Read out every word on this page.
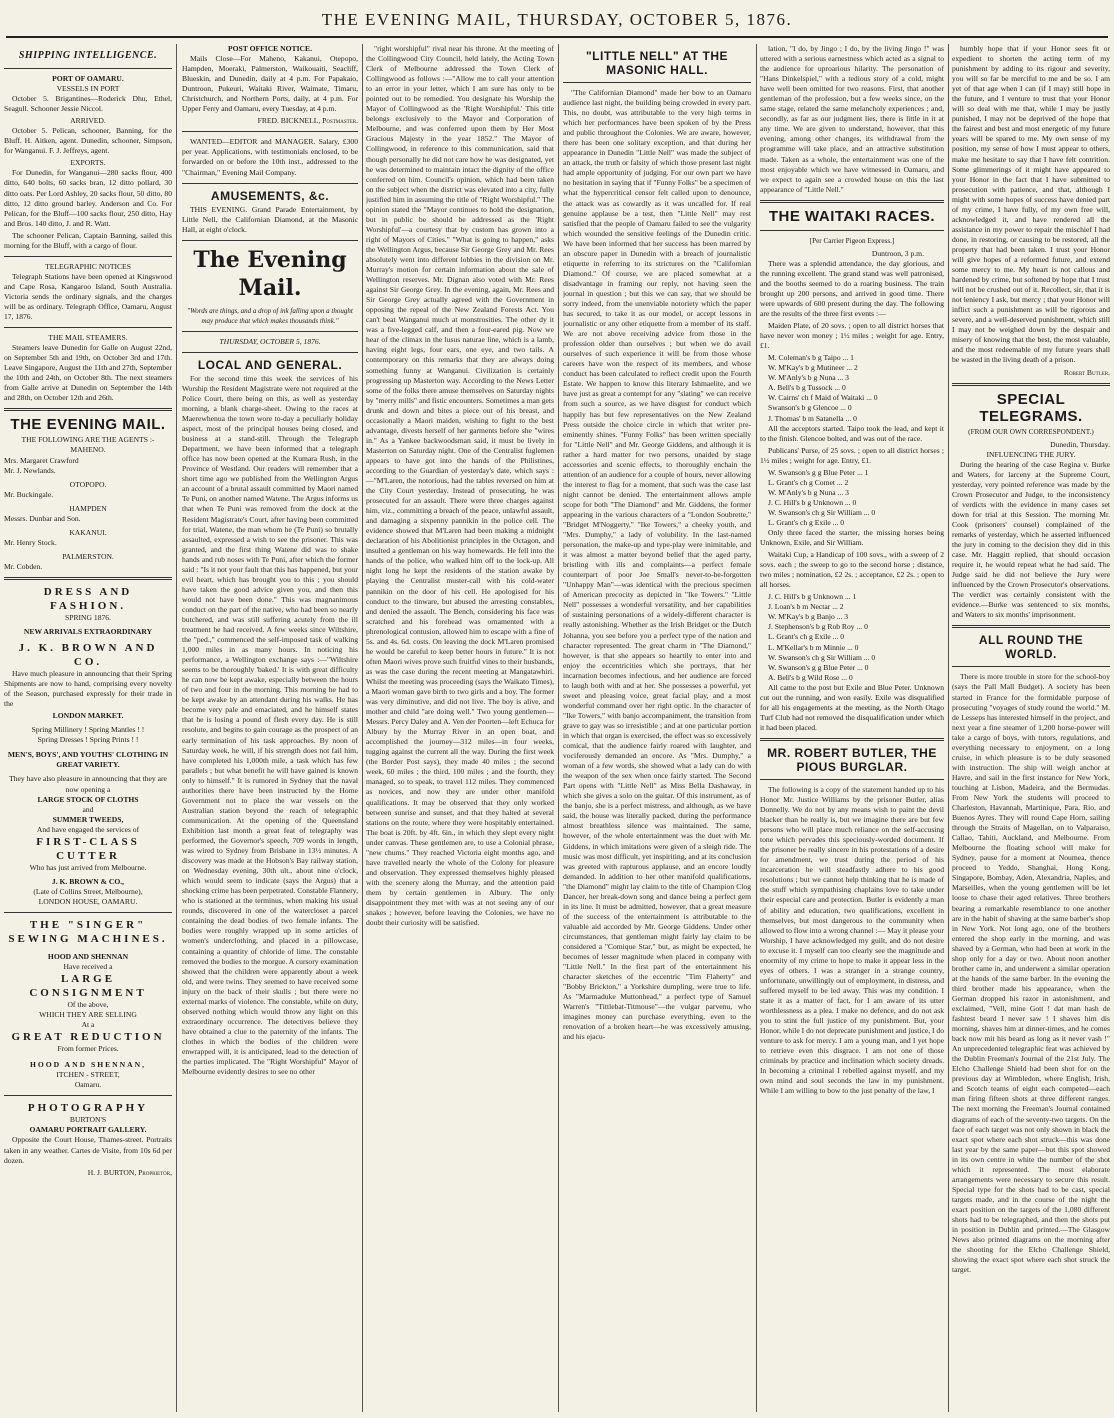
THE EVENING MAIL, THURSDAY, OCTOBER 5, 1876.
SHIPPING INTELLIGENCE.
PORT OF OAMARU.
VESSELS IN PORT

October 5. Brigantines—Roderick Dhu, Ethel, Seagull. Schooner Jessie Niccol.

ARRIVED.

October 5. Pelican, schooner, Banning, for the Bluff. H. Aitken, agent. Dunedin, schooner, Simpson, for Wanganui. F. J. Jeffreys, agent.

EXPORTS.

For Dunedin, for Wanganui—280 sacks flour, 400 ditto, 640 bolts, 60 sacks bran, 12 ditto pollard, 30 ditto oats. Per Lord Ashley, 20 sacks flour, 50 ditto, 80 ditto, 12 ditto ground barley. Anderson and Co. For Pelican, for the Bluff—100 sacks flour, 250 ditto, Hay and Bros. 140 ditto, J. and R. Watt.

The schooner Pelican, Captain Banning, sailed this morning for the Bluff, with a cargo of flour.

TELEGRAPHIC NOTICES

Telegraph Stations have been opened at Kingswood and Cape Rosa, Kangaroo Island, South Australia. Victoria sends the ordinary signals, and the charges will be as ordinary. Telegraph Office, Oamaru, August 17, 1876.

THE MAIL STEAMERS.

Steamers leave Dunedin for Galle on August 22nd, on September 5th and 19th, on October 3rd and 17th. Leave Singapore, August the 11th and 27th, September the 10th and 24th, on October 8th. The next steamers from Galle arrive at Dunedin on September the 14th and 28th, on October 12th and 26th.

THE EVENING MAIL.
THE FOLLOWING ARE THE AGENTS :-
MAHENO.
Mrs. Margaret Crawford
Mr. J. Newlands.
OTOPOPO.
Mr. Buckingale.
HAMPDEN
Messrs. Dunbar and Son.
KAKANUI.
Mr. Henry Stock.
PALMERSTON.
Mr. Cobden.
DRESS AND FASHION.
SPRING 1876.
NEW ARRIVALS EXTRAORDINARY
J. K. BROWN AND CO.

Have much pleasure in announcing that their Spring Shipments are now to hand, comprising every novelty of the Season, purchased expressly for their trade in the

LONDON MARKET.
Spring Millinery ! Spring Mantles ! !
Spring Dresses ! Spring Prints ! !
MEN'S, BOYS', AND YOUTHS' CLOTHING IN GREAT VARIETY.
They have also pleasure in announcing that they are now opening a
LARGE STOCK OF CLOTHS
and
SUMMER TWEEDS,
And have engaged the services of
FIRST-CLASS CUTTER
Who has just arrived from Melbourne.
J. K. BROWN & CO.,
(Late of Collins Street, Melbourne),
LONDON HOUSE, OAMARU.
THE "SINGER" SEWING MACHINES.
HOOD AND SHENNAN
Have received a
LARGE CONSIGNMENT
Of the above,
WHICH THEY ARE SELLING
At a
GREAT REDUCTION
From former Prices.
HOOD AND SHENNAN,
ITCHEN - STREET,
Oamaru.
PHOTOGRAPHY
BURTON'S
OAMARU PORTRAIT GALLERY.

Opposite the Court House, Thames-street. Portraits taken in any weather. Cartes de Visite, from 10s 6d per dozen.

H. J. BURTON, Proprietor,
POST OFFICE NOTICE.

Mails Close—For Maheno, Kakanui, Otepopo, Hampden, Moeraki, Palmerston, Waikouaiti, Seacliff, Blueskin, and Dunedin, daily at 4 p.m. For Papakaio, Duntroon, Pukeuri, Waitaki River, Waimate, Timaru, Christchurch, and Northern Ports, daily, at 4 p.m. For Upper Ferry and Oamaru, every Tuesday, at 4 p.m.

FRED. BICKNELL, Postmaster.

WANTED—EDITOR and MANAGER. Salary, £300 per year. Applications, with testimonials enclosed, to be forwarded on or before the 10th inst., addressed to the "Chairman," Evening Mail Company.

AMUSEMENTS, &c.

THIS EVENING. Grand Parade Entertainment, by Little Nell, the Californian Diamond, at the Masonic Hall, at eight o'clock.

The Evening Mail.
"Words are things, and a drop of ink falling upon a thought may produce that which makes thousands think."
THURSDAY, OCTOBER 5, 1876.
LOCAL AND GENERAL.

For the second time this week the services of his Worship the Resident Magistrate were not required at the Police Court, there being on this, as well as yesterday morning, a blank charge-sheet. Owing to the races at Maerewhenua the town wore to-day a peculiarly holiday aspect, most of the principal houses being closed, and business at a stand-still. Through the Telegraph Department, we have been informed that a telegraph office has now been opened at the Kumara Rush, in the Province of Westland. Our readers will remember that a short time ago we published from the Wellington Argus an account of a brutal assault committed by Maori named Te Puni, on another named Watene. The Argus informs us that when Te Puni was removed from the dock at the Resident Magistrate's Court, after having been committed for trial, Watene, the man whom he (Te Puni) so brutally assaulted, expressed a wish to see the prisoner. This was granted, and the first thing Watene did was to shake hands and rub noses with Te Puni, after which the former said : "Is it not your fault that this has happened, but your evil heart, which has brought you to this ; you should have taken the good advice given you, and then this would not have been done." This was magnanimous conduct on the part of the native, who had been so nearly butchered, and was still suffering acutely from the ill treatment he had received. A few weeks since Wiltshire, the "ped.," commenced the self-imposed task of walking 1,000 miles in as many hours. In noticing his performance, a Wellington exchange says :—"Wiltshire seems to be thoroughly 'baked.' It is with great difficulty he can now be kept awake, especially between the hours of two and four in the morning. This morning he had to be kept awake by an attendant during his walks. He has become very pale and emaciated, and he himself states that he is losing a pound of flesh every day. He is still resolute, and begins to gain courage as the prospect of an early termination of his task approaches. By noon of Saturday week, he will, if his strength does not fail him, have completed his 1,000th mile, a task which has few parallels ; but what benefit he will have gained is known only to himself." It is rumored in Sydney that the naval authorities there have been instructed by the Home Government not to place the war vessels on the Australian station beyond the reach of telegraphic communication. At the opening of the Queensland Exhibition last month a great feat of telegraphy was performed, the Governor's speech, 709 words in length, was wired to Sydney from Brisbane in 13½ minutes. A discovery was made at the Hobson's Bay railway station, on Wednesday evening, 30th ult., about nine o'clock, which would seem to indicate (says the Argus) that a shocking crime has been perpetrated. Constable Flannery, who is stationed at the terminus, when making his usual rounds, discovered in one of the watercloset a parcel containing the dead bodies of two female infants. The bodies were roughly wrapped up in some articles of women's underclothing, and placed in a pillowcase, containing a quantity of chloride of lime. The constable removed the bodies to the morgue. A cursory examination showed that the children were apparently about a week old, and were twins. They seemed to have received some injury on the back of their skulls ; but there were no external marks of violence. The constable, while on duty, observed nothing which would throw any light on this extraordinary occurrence. The detectives believe they have obtained a clue to the paternity of the infants. The clothes in which the bodies of the children were enwrapped will, it is anticipated, lead to the detection of the parties implicated. The "Right Worshipful" Mayor of Melbourne evidently desires to see no other

"right worshipful" rival near his throne. At the meeting of the Collingwood City Council, held lately, the Acting Town Clerk of Melbourne addressed the Town Clerk of Collingwood as follows :—"Allow me to call your attention to an error in your letter, which I am sure has only to be pointed out to be remedied. You designate his Worship the Mayor of Collingwood as the 'Right Worshipful.' This title belongs exclusively to the Mayor and Corporation of Melbourne, and was conferred upon them by Her Most Gracious Majesty in the year 1852." The Mayor of Collingwood, in reference to this communication, said that though personally he did not care how he was designated, yet he was determined to maintain intact the dignity of the office conferred on him. Council's opinion, which had been taken on the subject when the district was elevated into a city, fully justified him in assuming the title of "Right Worshipful." The opinion stated the "Mayor continues to hold the designation, but in public be should be addressed as the 'Right Worshipful'—a courtesy that by custom has grown into a right of Mayors of Cities." "What is going to happen," asks the Wellington Argus, because Sir George Grey and Mr. Rees absolutely went into different lobbies in the division on Mr. Murray's motion for certain information about the sale of Wellington reserves. Mr. Dignan also voted with Mr. Rees against Sir George Grey. In the evening, again, Mr. Rees and Sir George Grey actually agreed with the Government in opposing the repeal of the New Zealand Forests Act. You can't beat Wanganui much at monstrosities. The other dy it was a five-legged calf, and then a four-eared pig. Now we hear of the climax in the lusus naturae line, which is a lamb, having eight legs, four ears, one eye, and two tails. A contemporary on this remarks that they are always doing something funny at Wanganui. Civilization is certainly progressing up Masterton way. According to the News Letter some of the folks there amuse themselves on Saturday nights by "merry mills" and fistic encounters. Sometimes a man gets drunk and down and bites a piece out of his breast, and occasionally a Maori maiden, wishing to fight to the best advantage, divests herself of her garments before she "wires in." As a Yankee backwoodsman said, it must be lively in Masterton on Saturday night. One of the Centralist fuglemen appears to have got into the hands of the Philistines, according to the Guardian of yesterday's date, which says :—"M'Laren, the notorious, had the tables reversed on him at the City Court yesterday. Instead of prosecuting, he was prosecuted for an assault. There were three charges against him, viz., committing a breach of the peace, unlawful assault, and damaging a sixpenny pannikin in the police cell. The evidence showed that M'Laren had been making a midnight declaration of his Abolitionist principles in the Octagon, and insulted a gentleman on his way homewards. He fell into the hands of the police, who walked him off to the lock-up. All night long he kept the residents of the station awake by playing the Centralist muster-call with his cold-water pannikin on the door of his cell. He apologised for his conduct to the tinware, but abused the arresting constables, and denied the assault. The Bench, considering his face was scratched and his forehead was ornamented with a phrenological contusion, allowed him to escape with a fine of 5s. and 4s. 6d. costs. On leaving the dock M'Laren promised he would be careful to keep better hours in future." It is not often Maori wives prove such fruitful vines to their husbands, as was the case during the recent meeting at Mangatawhiri. Whilst the meeting was proceeding (says the Waikato Times), a Maori woman gave birth to two girls and a boy. The former was very diminutive, and did not live. The boy is alive, and mother and child "are doing well." Two young gentlemen—Messrs. Percy Daley and A. Ven der Poorten—left Echuca for Albury by the Murray River in an open boat, and accomplished the journey—312 miles—in four weeks, tugging against the current all the way. During the first week (the Border Post says), they made 40 miles ; the second week, 60 miles ; the third, 100 miles ; and the fourth, they managed, so to speak, to travel 112 miles. They commenced as novices, and now they are under other manifold qualifications. It may be observed that they only worked between sunrise and sunset, and that they halted at several stations on the route, where they were hospitably entertained. The boat is 20ft. by 4ft. 6in., in which they slept every night under canvas. These gentlemen are, to use a Colonial phrase, "new chums." They reached Victoria eight months ago, and have travelled nearly the whole of the Colony for pleasure and observation. They expressed themselves highly pleased with the scenery along the Murray, and the attention paid them by certain gentlemen in Albury. The only disappointment they met with was at not seeing any of our snakes ; however, before leaving the Colonies, we have no doubt their curiosity will be satisfied.

"LITTLE NELL" AT THE MASONIC HALL.

"The Californian Diamond" made her bow to an Oamaru audience last night, the building being crowded in every part. This, no doubt, was attributable to the very high terms in which her performances have been spoken of by the Press and public throughout the Colonies. We are aware, however, there has been one solitary exception, and that during her appearance in Dunedin "Little Nell" was made the subject of an attack, the truth or falsity of which those present last night had ample opportunity of judging. For our own part we have no hesitation in saying that if "Funny Folks" be a specimen of what the hypercritical censor felt called upon to denounce, the attack was as cowardly as it was uncalled for. If real genuine applause be a test, then "Little Nell" may rest satisfied that the people of Oamaru failed to see the vulgarity which wounded the sensitive feelings of the Dunedin critic. We have been informed that her success has been marred by an obscure paper in Dunedin with a breach of journalistic etiquette in referring to its strictures on the "Californian Diamond." Of course, we are placed somewhat at a disadvantage in framing our reply, not having seen the journal in question ; but this we can say, that we should be sorry indeed, from the unenviable notoriety which the paper has secured, to take it as our model, or accept lessons in journalistic or any other etiquette from a member of its staff. We are not above receiving advice from those in the profession older than ourselves ; but when we do avail ourselves of such experience it will be from those whose careers have won the respect of its members, and whose conduct has been calculated to reflect credit upon the Fourth Estate. We happen to know this literary Ishmaelite, and we have just as great a contempt for any "slating" we can receive from such a source, as we have disgust for conduct which happily has but few representatives on the New Zealand Press outside the choice circle in which that writer pre-eminently shines. "Funny Folks" has been written specially for "Little Nell" and Mr. George Giddens, and although it is rather a hard matter for two persons, unaided by stage accessories and scenic effects, to thoroughly enchain the attention of an audience for a couple of hours, never allowing the interest to flag for a moment, that such was the case last night cannot be denied. The entertainment allows ample scope for both "The Diamond" and Mr. Giddens, the former appearing in the various characters of a "London Soubrette," "Bridget M'Noggerty," "Ike Towers," a cheeky youth, and "Mrs. Dumphy," a lady of volubility. In the last-named personation, the make-up and type-play were inimitable, and it was almost a matter beyond belief that the aged party, bristling with ills and complaints—a perfect female counterpart of poor Joe Small's never-to-be-forgotten "Unhappy Man"—was identical with the precious specimen of American precocity as depicted in "Ike Towers." "Little Nell" possesses a wonderful versatility, and her capabilities of sustaining personations of a widely-different character is really astonishing. Whether as the Irish Bridget or the Dutch Johanna, you see before you a perfect type of the nation and character represented. The great charm in "The Diamond," however, is that she appears so heartily to enter into and enjoy the eccentricities which she portrays, that her incarnation becomes infectious, and her audience are forced to laugh both with and at her. She possesses a powerful, yet sweet and pleasing voice, great facial play, and a most wonderful command over her right optic. In the character of "Ike Towers," with banjo accompaniment, the transition from grave to gay was so irresistible ; and at one particular portion in which that organ is exercised, the effect was so excessively comical, that the audience fairly roared with laughter, and vociferously demanded an encore. As "Mrs. Dumphy," a woman of a few words, she showed what a lady can do with the weapon of the sex when once fairly started. The Second Part opens with "Little Nell" as Miss Bella Dashaway, in which she gives a solo on the guitar. Of this instrument, as of the banjo, she is a perfect mistress, and although, as we have said, the house was literally packed, during the performance almost breathless silence was maintained. The same, however, of the whole entertainment was the duet with Mr. Giddens, in which imitations were given of a sleigh ride. The music was most difficult, yet inspiriting, and at its conclusion was greeted with rapturous applause, and an encore loudly demanded. In addition to her other manifold qualifications, "the Diamond" might lay claim to the title of Champion Clog Dancer, her break-down song and dance being a perfect gem in its line. It must be admitted, however, that a great measure of the success of the entertainment is attributable to the valuable aid accorded by Mr. George Giddens. Under other circumstances, that gentleman might fairly lay claim to be considered a "Comique Star," but, as might be expected, he becomes of lesser magnitude when placed in company with "Little Nell." In the first part of the entertainment his character sketches of the eccentric "Tim Flaherty" and "Bobby Brickton," a Yorkshire dumpling, were true to life. As "Marmaduke Muttonhead," a perfect type of Samuel Warren's "Tittlebat-Titmouse"—the vulgar parvenu, who imagines money can purchase everything, even to the renovation of a broken heart—he was excessively amusing, and his ejacu-

lation, "I do, by Jingo ; I do, by the living Jingo !" was uttered with a serious earnestness which acted as a signal to the audience for uproarious hilarity. The personation of "Hans Dinkelspiel," with a tedious story of a cold, might have well been omitted for two reasons. First, that another gentleman of the profession, but a few weeks since, on the same stage, related the same melancholy experiences ; and, secondly, as far as our judgment lies, there is little in it at any time. We are given to understand, however, that this evening, among other changes, its withdrawal from the programme will take place, and an attractive substitution made. Taken as a whole, the entertainment was one of the most enjoyable which we have witnessed in Oamaru, and we expect to again see a crowded house on this the last appearance of "Little Nell."

THE WAITAKI RACES.
[Per Carrier Pigeon Express.]
Duntroon, 3 p.m.

There was a splendid attendance, the day glorious, and the running excellent. The grand stand was well patronised, and the booths seemed to do a roaring business. The train brought up 200 persons, and arrived in good time. There were upwards of 600 present during the day. The following are the results of the three first events :—

Maiden Plate, of 20 sovs. ; open to all district horses that have never won money ; 1½ miles ; weight for age. Entry, £1.

M. Coleman's b g Taipo ... 1
W. M'Kay's b g Mutineer ... 2
W. M'Anly's b g Nuna ... 3
A. Bell's b g Tussock ... 0
W. Cairns' ch f Maid of Waitaki ... 0
Swanson's b g Glencoe ... 0
J. Thomas' b m Satanella ... 0

All the acceptors started. Taipo took the lead, and kept it to the finish. Glencoe bolted, and was out of the race.

Publicans' Purse, of 25 sovs. ; open to all district horses ; 1½ miles ; weight for age. Entry, £1.

W. Swanson's g g Blue Peter ... 1
L. Grant's ch g Comet ... 2
W. M'Anly's b g Nuna ... 3
J. C. Hill's b g Unknown ... 0
W. Swanson's ch g Sir William ... 0
L. Grant's ch g Exile ... 0

Only three faced the starter, the missing horses being Unknown, Exile, and Sir William.

Waitaki Cup, a Handicap of 100 sovs., with a sweep of 2 sovs. each ; the sweep to go to the second horse ; distance, two miles ; nomination, £2 2s. ; acceptance, £2 2s. ; open to all horses.

J. C. Hill's b g Unknown ... 1
J. Loan's b m Nectar ... 2
W. M'Kay's b g Banjo ... 3
J. Stephenson's b g Rob Roy ... 0
L. Grant's ch g Exile ... 0
L. M'Kellar's b m Minnie ... 0
W. Swanson's ch g Sir William ... 0
W. Swanson's g g Blue Peter ... 0
A. Bell's b g Wild Rose ... 0

All came to the post but Exile and Blue Peter. Unknown cut out the running, and won easily. Exile was disqualified for all his engagements at the meeting, as the North Otago Turf Club had not removed the disqualification under which it had been placed.

MR. ROBERT BUTLER, THE PIOUS BURGLAR.

The following is a copy of the statement handed up to his Honor Mr. Justice Williams by the prisoner Butler, alias Donnelly. We do not by any means wish to paint the devil blacker than he really is, but we imagine there are but few persons who will place much reliance on the self-accusing tone which pervades this speciously-worded document. If the prisoner be really sincere in his protestations of a desire for amendment, we trust during the period of his incarceration he will steadfastly adhere to his good resolutions ; but we cannot help thinking that he is made of the stuff which sympathising chaplains love to take under their especial care and protection. Butler is evidently a man of ability and education, two qualifications, excellent in themselves, but most dangerous to the community when allowed to flow into a wrong channel :— May it please your Worship, I have acknowledged my guilt, and do not desire to excuse it. I myself can too clearly see the magnitude and enormity of my crime to hope to make it appear less in the eyes of others. I was a stranger in a strange country, unfortunate, unwillingly out of employment, in distress, and suffered myself to be led away. This was my condition. I state it as a matter of fact, for I am aware of its utter worthlessness as a plea. I make no defence, and do not ask you to stint the full justice of my punishment. But, your Honor, while I do not deprecate punishment and justice, I do venture to ask for mercy. I am a young man, and I yet hope to retrieve even this disgrace. I am not one of those criminals by practice and inclination which society dreads. In becoming a criminal I rebelled against myself, and my own mind and soul seconds the law in my punishment. While I am willing to bow to the just penalty of the law, I

humbly hope that if your Honor sees fit or expedient to shorten the acting term of my punishment by adding to its rigour and severity, you will so far be merciful to me and be so. I am yet of that age when I can (if I may) still hope in the future, and I venture to trust that your Honor will so deal with me that, while I may be justly punished, I may not be deprived of the hope that the fairest and best and most energetic of my future years will be spared to me. My own sense of my position, my sense of how I must appear to others, make me hesitate to say that I have felt contrition. Some glimmerings of it might have appeared to your Honor in the fact that I have submitted to prosecution with patience, and that, although I might with some hopes of success have denied part of my crime, I have fully, of my own free will, acknowledged it, and have rendered all the assistance in my power to repair the mischief I had done, in restoring, or causing to be restored, all the property that had been taken. I trust your Honor will give hopes of a reformed future, and extend some mercy to me. My heart is not callous and hardened by crime, but softened by hope that I trust will not be crushed out of it. Recollect, sir, that it is not leniency I ask, but mercy ; that your Honor will inflict such a punishment as will be rigorous and severe, and a well-deserved punishment, which still I may not be weighed down by the despair and misery of knowing that the best, the most valuable, and the most redeemable of my future years shall be wasted in the living death of a prison.

Robert Butler.
SPECIAL TELEGRAMS.
(FROM OUR OWN CORRESPONDENT.)
Dunedin, Thursday.
INFLUENCING THE JURY.

During the hearing of the case Regina v. Burke and Waters, for larceny at the Supreme Court, yesterday, very pointed reference was made by the Crown Prosecutor and Judge, to the inconsistency of verdicts with the evidence in many cases set down for trial at this Session. The morning Mr. Cook (prisoners' counsel) complained of the remarks of yesterday, which he asserted influenced the jury in coming to the decision they did in this case. Mr. Haggitt replied, that should occasion require it, he would repeat what he had said. The Judge said he did not believe the Jury were influenced by the Crown Prosecutor's observations. The verdict was certainly consistent with the evidence.—Burke was sentenced to six months, and Waters to six months' imprisonment.

ALL ROUND THE WORLD.

There is more trouble in store for the school-boy (says the Pall Mall Budget). A society has been started in France for the formidable purpose of prosecuting "voyages of study round the world." M. de Lesseps has interested himself in the project, and next year a fine steamer of 1,200 horse-power will take a cargo of boys, with tutors, regulations, and everything necessary to enjoyment, on a long cruise, in which pleasure is to be duly seasoned with instruction. The ship will weigh anchor at Havre, and sail in the first instance for New York, touching at Lisbon, Madeira, and the Bermudas. From New York the students will proceed to Charleston, Havannah, Martinique, Para, Rio, and Buenos Ayres. They will round Cape Horn, sailing through the Straits of Magellan, on to Valparaiso, Callao, Tahiti, Auckland, and Melbourne. From Melbourne the floating school will make for Sydney, pause for a moment at Noumea, thence proceed to Yeddo, Shanghai, Hong Kong, Singapore, Bombay, Aden, Alexandria, Naples, and Marseilles, when the young gentlemen will be let loose to chase their aged relatives. Three brothers bearing a remarkable resemblance to one another are in the habit of shaving at the same barber's shop in New York. Not long ago, one of the brothers entered the shop early in the morning, and was shaved by a German, who had been at work in the shop only for a day or two. About noon another brother came in, and underwent a similar operation at the hands of the same barber. In the evening the third brother made his appearance, when the German dropped his razor in astonishment, and exclaimed, "Vell, mine Gott ! dat man hash de fashtest beard I never saw ! I shaves him dis morning, shaves him at dinner-times, and he comes back now mit his beard as long as it never vash !" An unprecedented telegraphic feat was achieved by the Dublin Freeman's Journal of the 21st July. The Elcho Challenge Shield had been shot for on the previous day at Wimbledon, where English, Irish, and Scotch teams of eight each competed—each man firing fifteen shots at three different ranges. The next morning the Freeman's Journal contained diagrams of each of the seventy-two targets. On the face of each target was not only shown in black the exact spot where each shot struck—this was done last year by the same paper—but this spot showed in its own centre in white the number of the shot which it represented. The most elaborate arrangements were necessary to secure this result. Special type for the shots had to be cast, special targets made, and in the course of the night the exact position on the targets of the 1,080 different shots had to be telegraphed, and then the shots put in position in Dublin and printed.—The Glasgow News also printed diagrams on the morning after the shooting for the Elcho Challenge Shield, showing the exact spot where each shot struck the target.
